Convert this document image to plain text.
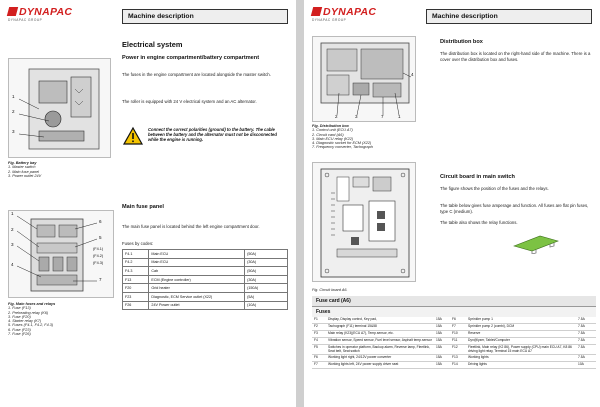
DYNAPAC
DYNAPAC GROUP	Machine description
Electrical system
Power in engine compartment/battery compartment
The fuses in the engine compartment are located alongside the master switch.
The roller is equipped with 24 V electrical system and an AC alternator.
Connect the correct polarities (ground) to the battery. The cable between the battery and the alternator must not be disconnected while the engine is running.
1
2
3
Fig. Battery bay
1. Master switch
2. Main fuse panel
3. Power outlet 24V
Main fuse panel
The main fuse panel is located behind the left engine compartment door.
Fuses by codes:
F4.1	Main ECU	(50A)
F4.2	Main ECU	(30A)
F4.3	Cab	(50A)
F13	ECM (Engine controller)	(30A)
F20	Grid heater	(150A)
F23	Diagnostic, ECM Service outlet (X22)	(5A)
F26	24V Power outlet	(10A)
1
2
3
4
5
6
7
(F4.1)
(F4.2)
(F4.3)
Fig. Main fuses and relays
1. Fuse (F13)
2. Preheating relay (K6)
3. Fuse (F20)
4. Starter relay (K7)
5. Fuses (F4.1, F4.2, F4.3)
6. Fuse (F23)
7. Fuse (F26)
DYNAPAC
DYNAPAC GROUP	Machine description
2	3	7	1
4
Fig. Distribution box
1. Control unit (ECU A7)
2. Circuit card (A6)
3. Main ECU relay (K22)
4. Diagnostic socket for ECM (X22)
7. Frequency converter, Tachograph
Distribution box
The distribution box is located on the right-hand side of the machine. There is a cover over the distribution box and fuses.
Fig. Circuit board A6.
Circuit board in main switch
The figure shows the position of the fuses and the relays.
The table below gives fuse amperage and function. All fuses are flat pin fuses, type C (medium).
The table also shows the relay functions.
Fuse card (A6)
Fuses
F1	Display, Display control, Key pad,	15A	F6	Sprinkler pump 1	7.5A
F2	Tachograph (F11) terminal 15&58	15A	F7	Sprinkler pump 2 (combi), DCM	7.5A
F3	Main relay (K23)(ECU A7), Temp.sensor, etc.	15A	F10	Reserve	7.5A
F4	Vibration sensor, Speed sensor, Fuel level sensor, Asphalt temp.sensor	15A	F11	Dyn@lyzer, Tablet/Computer	7.5A
F5	Switches in operator platform, Backup alarm, Reverse lamp, Fleetlink, Seat belt, Seat switch	15A	F12	Fleetlink, Main relay (K2 86), Power supply (CPU) main ECU A7, K8 86 driving light relay, Terminal 15 main ECU A7	7.5A
F6	Working light right, 24/12V power converter	15A	F13	Working lights	7.5A
F7	Working lights left, 24V power supply driver seat	15A	F14	Driving lights	10A
